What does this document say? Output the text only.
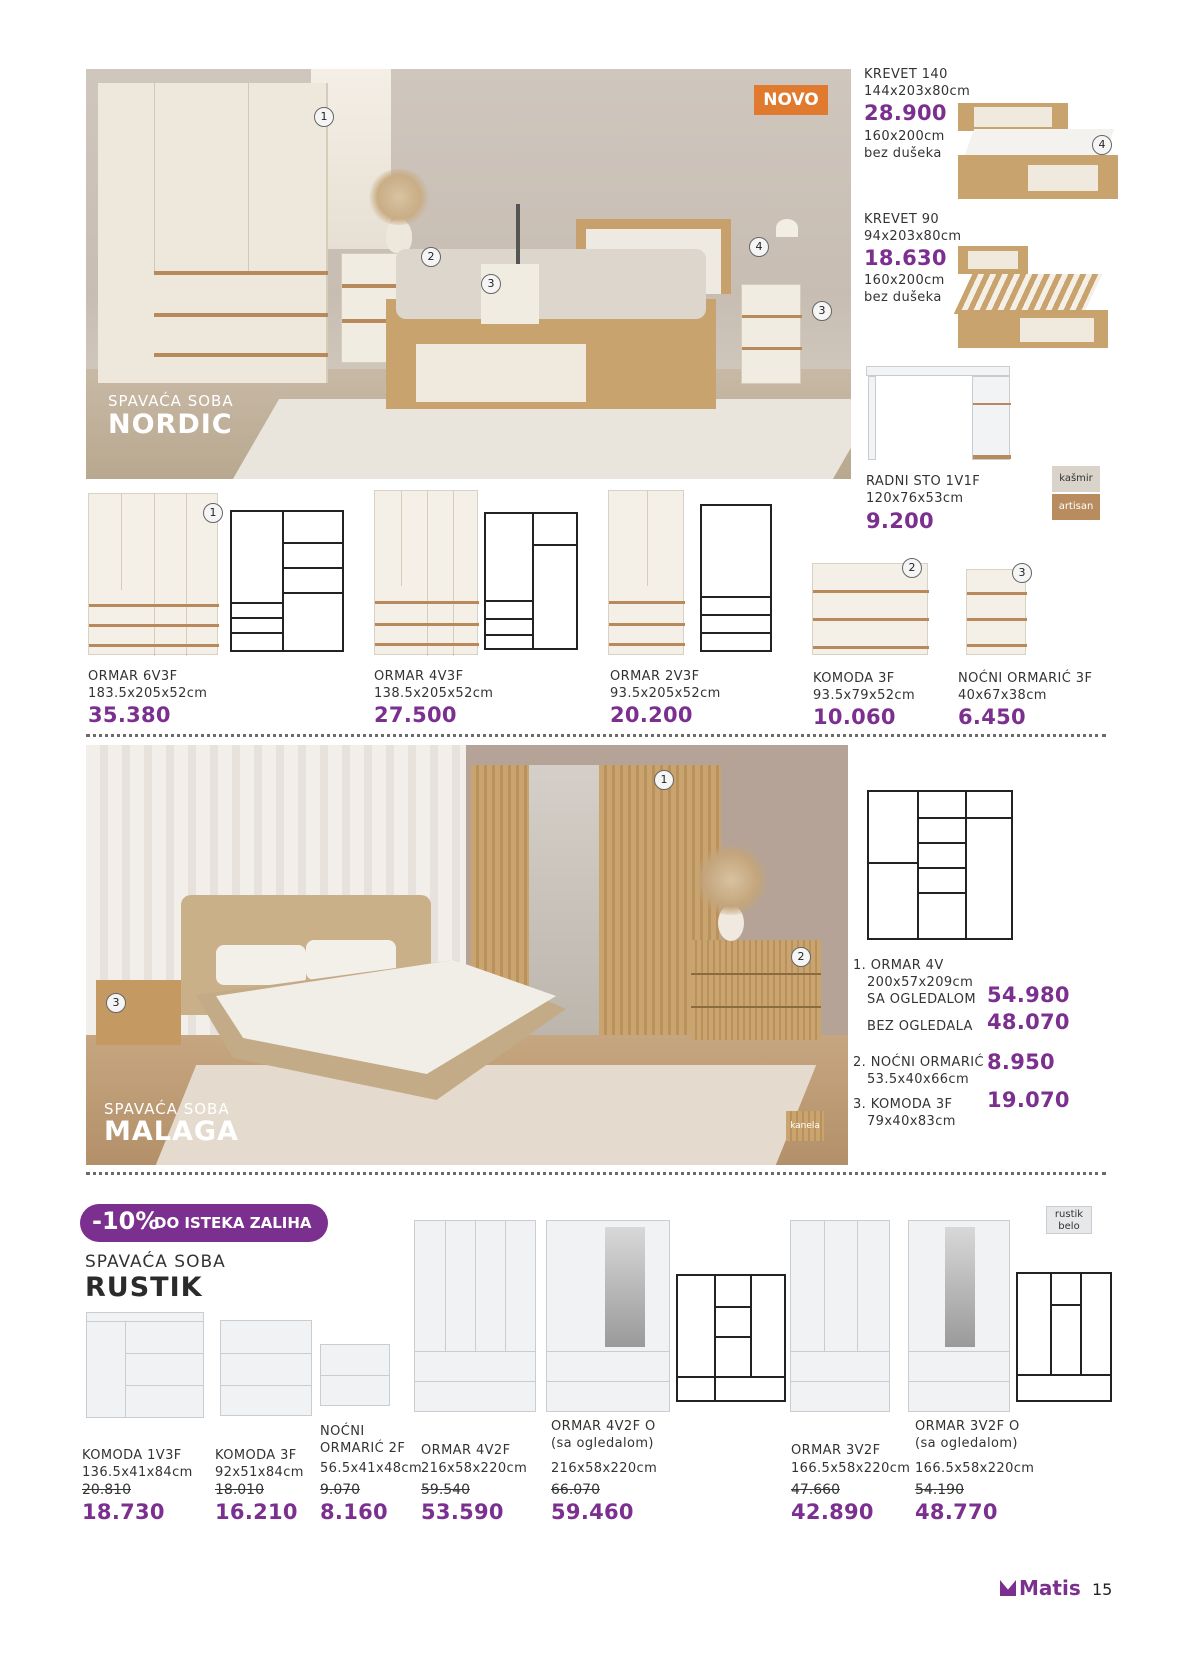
SPAVAĆA SOBA
NORDIC
NOVO
1
2
3
4
3
KREVET 140
144x203x80cm
28.900
160x200cm
bez dušeka
4
KREVET 90
94x203x80cm
18.630
160x200cm
bez dušeka
RADNI STO 1V1F
120x76x53cm
9.200
kašmir
artisan
1
ORMAR 6V3F
183.5x205x52cm
35.380
ORMAR 4V3F
138.5x205x52cm
27.500
ORMAR 2V3F
93.5x205x52cm
20.200
2
KOMODA 3F
93.5x79x52cm
10.060
3
NOĆNI ORMARIĆ 3F
40x67x38cm
6.450
SPAVAĆA SOBA
MALAGA	kanela
1
2
3
1. ORMAR 4V
200x57x209cm
SA OGLEDALOM 54.980
BEZ OGLEDALA 48.070
2. NOĆNI ORMARIĆ
53.5x40x66cm
8.950
3. KOMODA 3F
79x40x83cm
19.070
-10%
DO ISTEKA ZALIHA
SPAVAĆA SOBA
RUSTIK
rustik
belo
KOMODA 1V3F
136.5x41x84cm
20.810
18.730
KOMODA 3F
92x51x84cm
18.010
16.210
NOĆNI
ORMARIĆ 2F
56.5x41x48cm
9.070
8.160
ORMAR 4V2F
216x58x220cm
59.540
53.590
ORMAR 4V2F O
(sa ogledalom)
216x58x220cm
66.070
59.460
ORMAR 3V2F
166.5x58x220cm
47.660
42.890
ORMAR 3V2F O
(sa ogledalom)
166.5x58x220cm
54.190
48.770
Matis 15
